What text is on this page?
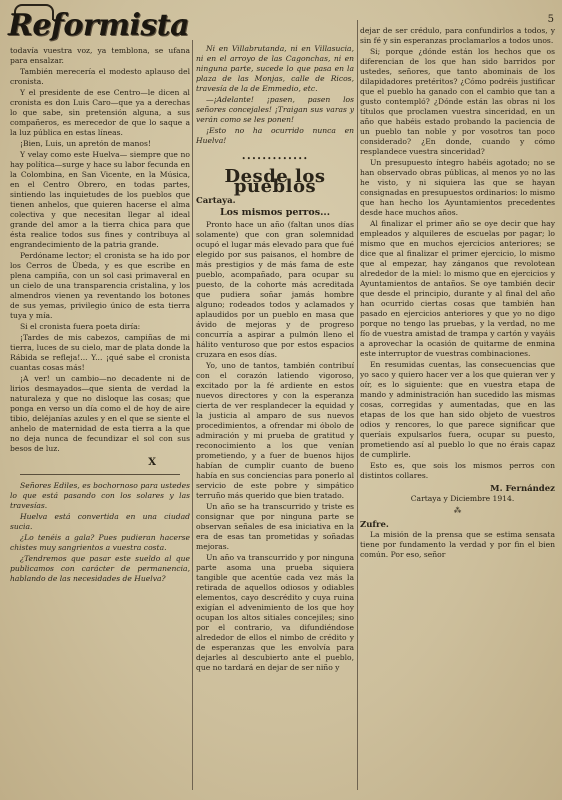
Reformista	5

todavía vuestra voz, ya temblona, se ufana para ensalzar.

También merecería el modesto aplauso del cronista.

Y el presidente de ese Centro—le dicen al cronista es don Luis Caro—que ya a derechas lo que sabe, sin pretensión alguna, a sus compañeros, es merecedor de que lo saque a la luz pública en estas líneas.

¡Bien, Luis, un apretón de manos!

Y velay como este Huelva— siempre que no hay política—surge y hace su labor fecunda en la Colombina, en San Vicente, en la Música, en el Centro Obrero, en todas partes, sintiendo las inquietudes de los pueblos que tienen anhelos, que quieren hacerse el alma colectiva y que necesitan llegar al ideal grande del amor a la tierra chica para que ésta realice todos sus fines y contribuya al engrandecimiento de la patria grande.

Perdóname lector; el cronista se ha ido por los Cerros de Úbeda, y es que escribe en plena campiña, con un sol casi primaveral en un cielo de una transparencia cristalina, y los almendros vienen ya reventando los botones de sus yemas, privilegio único de esta tierra tuya y mía.

Si el cronista fuera poeta diría:

¡Tardes de mis cabezos, campiñas de mi tierra, luces de su cielo, mar de plata donde la Rábida se refleja!... Y... ¡qué sabe el cronista cuantas cosas más!

¡A ver! un cambio—no decadente ni de lirios desmayados—que sienta de verdad la naturaleza y que no disloque las cosas; que ponga en verso un día como el de hoy de aire tibio, deléjanías azules y en el que se siente el anhelo de maternidad de esta tierra a la que no deja nunca de fecundizar el sol con sus besos de luz.

X

Señores Ediles, es bochornoso para ustedes lo que está pasando con los solares y las travesías.

Huelva está convertida en una ciudad sucia.

¿Lo tenéis a gala? Pues pudieran hacerse chistes muy sangrientos a vuestra costa.

¿Tendremos que pasar este sueldo al que publicamos con carácter de permanencia, hablando de las necesidades de Huelva?

Ni en Villabrutanda, ni en Villasucia, ni en el arroyo de las Cagonchas, ni en ninguna parte, sucede lo que pasa en la plaza de las Monjas, calle de Ricos, travesía de la de Emmedio, etc.

—¡Adelante! ¡pasen, pasen los señores concejales! ¡Traigan sus varas y verán como se les ponen!

¡Esto no ha ocurrido nunca en Huelva!

•••••••••••••
Desde los pueblos
Cartaya.
Los mismos perros...

Pronto hace un año (faltan unos días solamente) que con gran solemnidad ocupó el lugar más elevado para que fué elegido por sus paisanos, el hombre de más prestigios y de más fama de este pueblo, acompañado, para ocupar su puesto, de la cohorte más acreditada que pudiera soñar jamás hombre alguno; rodeados todos y aclamados y aplaudidos por un pueblo en masa que ávido de mejoras y de progreso concurría a aspirar a pulmón lleno el hálito venturoso que por estos espacios cruzara en esos días.

Yo, uno de tantos, también contribuí con el corazón latiendo vigoroso, excitado por la fé ardiente en estos nuevos directores y con la esperanza cierta de ver resplandecer la equidad y la justicia al amparo de sus nuevos procedimientos, a ofrendar mi óbolo de admiración y mi prueba de gratitud y reconocimiento a los que venían prometiendo, y a fuer de buenos hijos habían de cumplir cuanto de bueno había en sus conciencias para ponerlo al servicio de este pobre y simpático terruño más querido que bien tratado.

Un año se ha transcurrido y triste es consignar que por ninguna parte se observan señales de esa iniciativa en la era de esas tan prometidas y soñadas mejoras.

Un año va transcurrido y por ninguna parte asoma una prueba siquiera tangible que acentúe cada vez más la retirada de aquellos odiosos y odiables elementos, cayo descrédito y cuya ruina exigían el advenimiento de los que hoy ocupan los altos sitiales concejiles; sino por el contrario, va difundiéndose alrededor de ellos el nimbo de crédito y de esperanzas que les envolvía para dejarles al descubierto ante el pueblo, que no tardará en dejar de ser niño y

dejar de ser crédulo, para confundirlos a todos, y sin fé y sin esperanzas proclamarlos a todos unos.

Si; porque ¿dónde están los hechos que os diferencian de los que han sido barridos por ustedes, señores, que tanto abominais de los dilapidadores pretéritos? ¿Cómo podréis justificar que el pueblo ha ganado con el cambio que tan a gusto contempló? ¿Dónde están las obras ni los títulos que proclamen vuestra sinceridad, en un año que habéis estado probando la paciencia de un pueblo tan noble y por vosotros tan poco considerado? ¿En donde, cuando y cómo resplandece vuestra sinceridad?

Un presupuesto íntegro habéis agotado; no se han observado obras públicas, al menos yo no las he visto, y ni siquiera las que se hayan consignadas en presupuestos ordinarios: lo mismo que han hecho los Ayuntamientos precedentes desde hace muchos años.

Al finalizar el primer año se oye decir que hay empleados y alquileres de escuelas por pagar; lo mismo que en muchos ejercicios anteriores; se dice que al finalizar el primer ejercicio, lo mismo que al empezar, hay zánganos que revolotean alrededor de la miel: lo mismo que en ejercicios y Ayuntamientos de antaños. Se oye también decir que desde el principio, durante y al final del año han ocurrido ciertas cosas que también han pasado en ejercicios anteriores y que yo no digo porque no tengo las pruebas, y la verdad, no me fío de vuestra amistad de trampa y cartón y vayáis a aprovechar la ocasión de quitarme de enmina este interruptor de vuestras combinaciones.

En resumidas cuentas, las consecuencias que yo saco y quiero hacer ver a los que quieran ver y oír, es lo siguiente: que en vuestra etapa de mando y administración han sucedido las mismas cosas, corregidas y aumentadas, que en las etapas de los que han sido objeto de vuestros odios y rencores, lo que parece significar que queríais expulsarlos fuera, ocupar su puesto, prometiendo así al pueblo lo que no érais capaz de cumplirle.

Esto es, que sois los mismos perros con distintos collares.

M. Fernández

Cartaya y Diciembre 1914.

⁂
Zufre.

La misión de la prensa que se estima sensata tiene por fundamento la verdad y por fin el bien común. Por eso, señor
